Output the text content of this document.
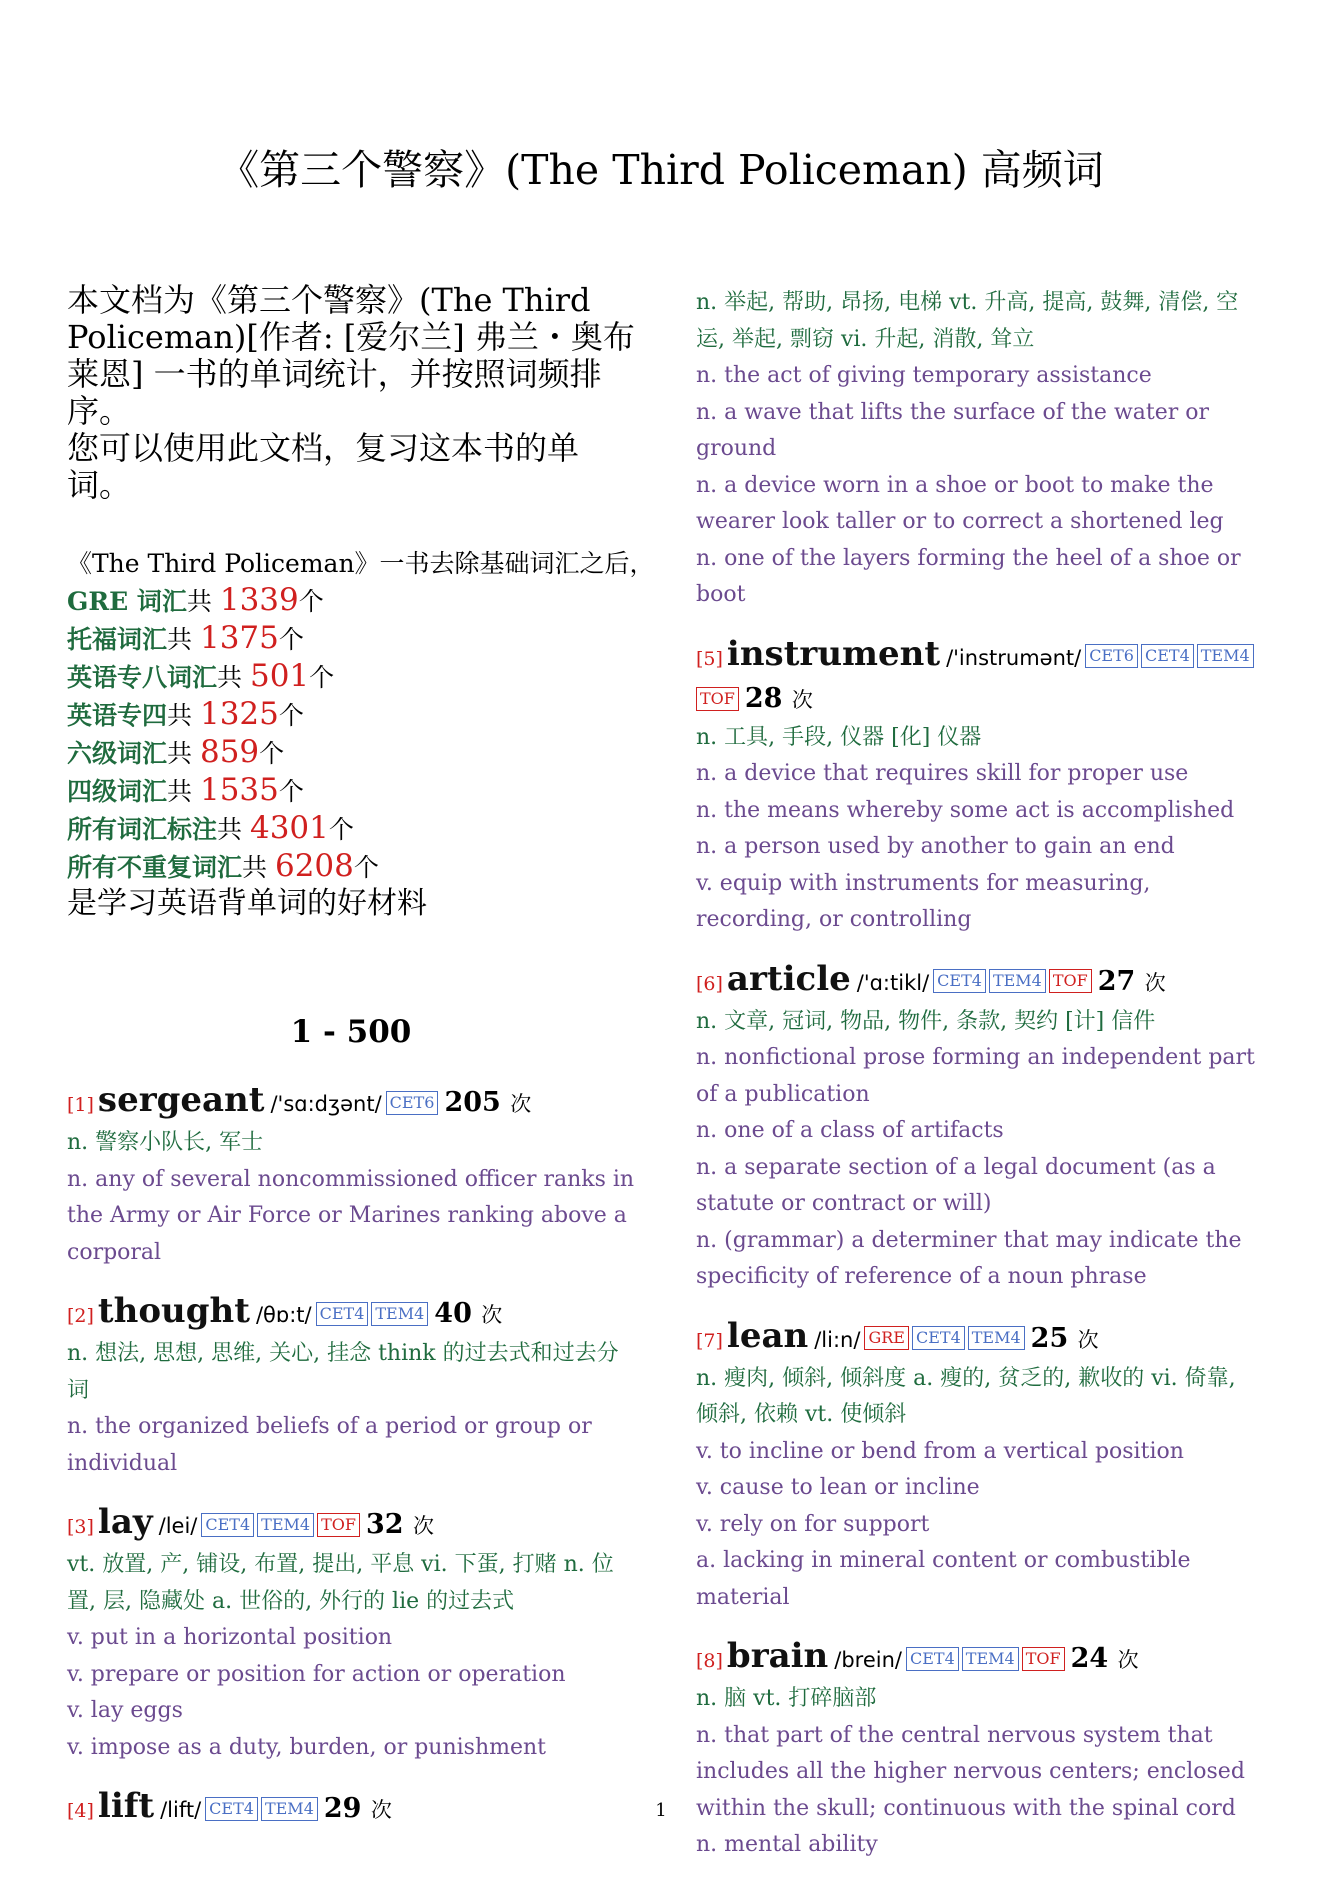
《第三个警察》(The Third Policeman) 高频词

本文档为《第三个警察》(The Third Policeman)[作者: [爱尔兰] 弗兰・奥布莱恩] 一书的单词统计，并按照词频排序。

您可以使用此文档，复习这本书的单词。

《The Third Policeman》一书去除基础词汇之后，
GRE 词汇共 1339个
托福词汇共 1375个
英语专八词汇共 501个
英语专四共 1325个
六级词汇共 859个
四级词汇共 1535个
所有词汇标注共 4301个
所有不重复词汇共 6208个
是学习英语背单词的好材料
1 - 500
[1] sergeant /'sɑ:dʒənt/ CET6 205 次

n. 警察小队长, 军士

n. any of several noncommissioned officer ranks in the Army or Air Force or Marines ranking above a corporal

[2] thought /θɒ:t/ CET4 TEM4 40 次

n. 想法, 思想, 思维, 关心, 挂念 think 的过去式和过去分词

n. the organized beliefs of a period or group or individual

[3] lay /lei/ CET4 TEM4 TOF 32 次

vt. 放置, 产, 铺设, 布置, 提出, 平息 vi. 下蛋, 打赌 n. 位置, 层, 隐藏处 a. 世俗的, 外行的 lie 的过去式

v. put in a horizontal position

v. prepare or position for action or operation

v. lay eggs

v. impose as a duty, burden, or punishment

[4] lift /lift/ CET4 TEM4 29 次

n. 举起, 帮助, 昂扬, 电梯 vt. 升高, 提高, 鼓舞, 清偿, 空运, 举起, 剽窃 vi. 升起, 消散, 耸立

n. the act of giving temporary assistance

n. a wave that lifts the surface of the water or ground

n. a device worn in a shoe or boot to make the wearer look taller or to correct a shortened leg

n. one of the layers forming the heel of a shoe or boot

[5] instrument /'instrumənt/ CET6 CET4 TEM4
TOF 28 次

n. 工具, 手段, 仪器 [化] 仪器

n. a device that requires skill for proper use

n. the means whereby some act is accomplished

n. a person used by another to gain an end

v. equip with instruments for measuring, recording, or controlling

[6] article /'ɑ:tikl/ CET4 TEM4 TOF 27 次

n. 文章, 冠词, 物品, 物件, 条款, 契约 [计] 信件

n. nonfictional prose forming an independent part of a publication

n. one of a class of artifacts

n. a separate section of a legal document (as a statute or contract or will)

n. (grammar) a determiner that may indicate the specificity of reference of a noun phrase

[7] lean /li:n/ GRE CET4 TEM4 25 次

n. 瘦肉, 倾斜, 倾斜度 a. 瘦的, 贫乏的, 歉收的 vi. 倚靠, 倾斜, 依赖 vt. 使倾斜

v. to incline or bend from a vertical position

v. cause to lean or incline

v. rely on for support

a. lacking in mineral content or combustible material

[8] brain /brein/ CET4 TEM4 TOF 24 次

n. 脑 vt. 打碎脑部

n. that part of the central nervous system that includes all the higher nervous centers; enclosed within the skull; continuous with the spinal cord

n. mental ability

1
